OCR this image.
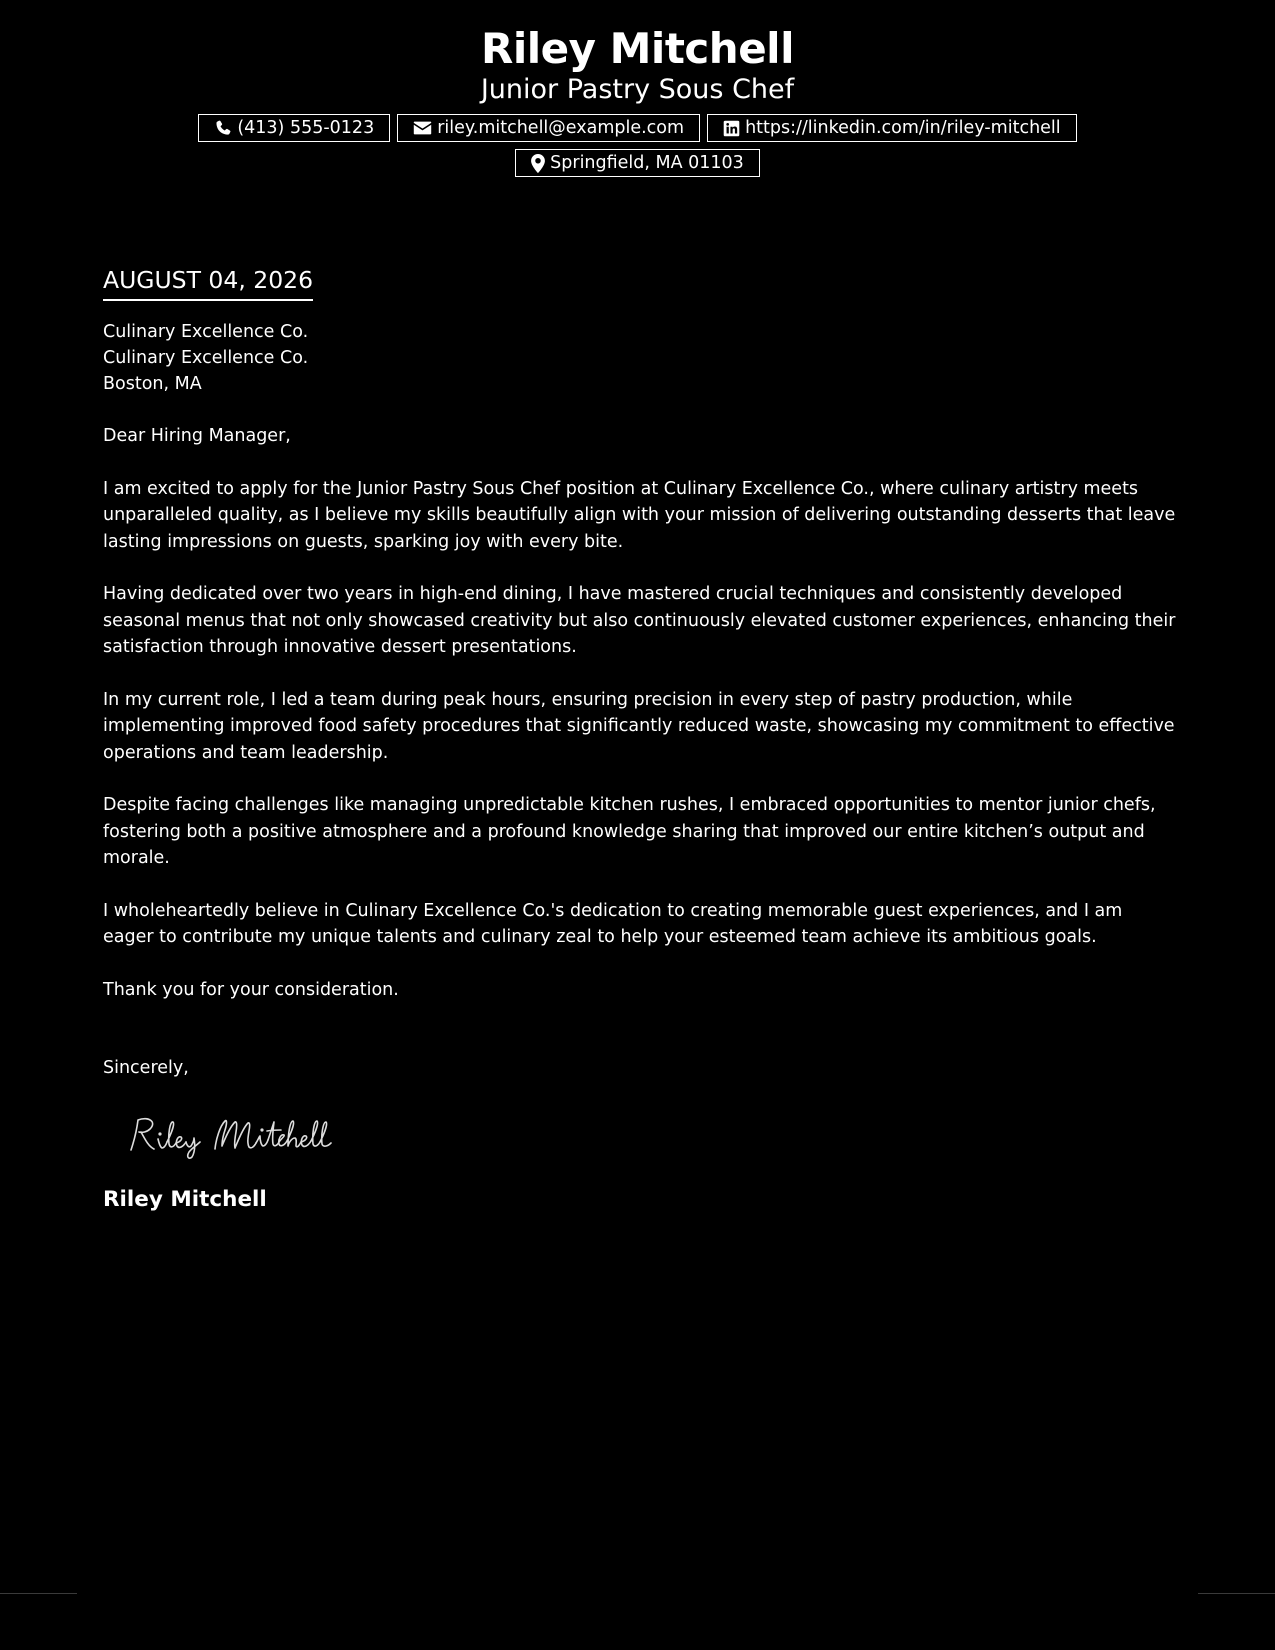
Riley Mitchell
Junior Pastry Sous Chef
(413) 555-0123	riley.mitchell@example.com	https://linkedin.com/in/riley-mitchell
Springfield, MA 01103
AUGUST 04, 2026
Culinary Excellence Co.
Culinary Excellence Co.
Boston, MA
Dear Hiring Manager,

I am excited to apply for the Junior Pastry Sous Chef position at Culinary Excellence Co., where culinary artistry meets unparalleled quality, as I believe my skills beautifully align with your mission of delivering outstanding desserts that leave lasting impressions on guests, sparking joy with every bite.

Having dedicated over two years in high-end dining, I have mastered crucial techniques and consistently developed seasonal menus that not only showcased creativity but also continuously elevated customer experiences, enhancing their satisfaction through innovative dessert presentations.

In my current role, I led a team during peak hours, ensuring precision in every step of pastry production, while implementing improved food safety procedures that significantly reduced waste, showcasing my commitment to effective operations and team leadership.

Despite facing challenges like managing unpredictable kitchen rushes, I embraced opportunities to mentor junior chefs, fostering both a positive atmosphere and a profound knowledge sharing that improved our entire kitchen’s output and morale.

I wholeheartedly believe in Culinary Excellence Co.'s dedication to creating memorable guest experiences, and I am eager to contribute my unique talents and culinary zeal to help your esteemed team achieve its ambitious goals.

Thank you for your consideration.

Sincerely,
Riley Mitchell
